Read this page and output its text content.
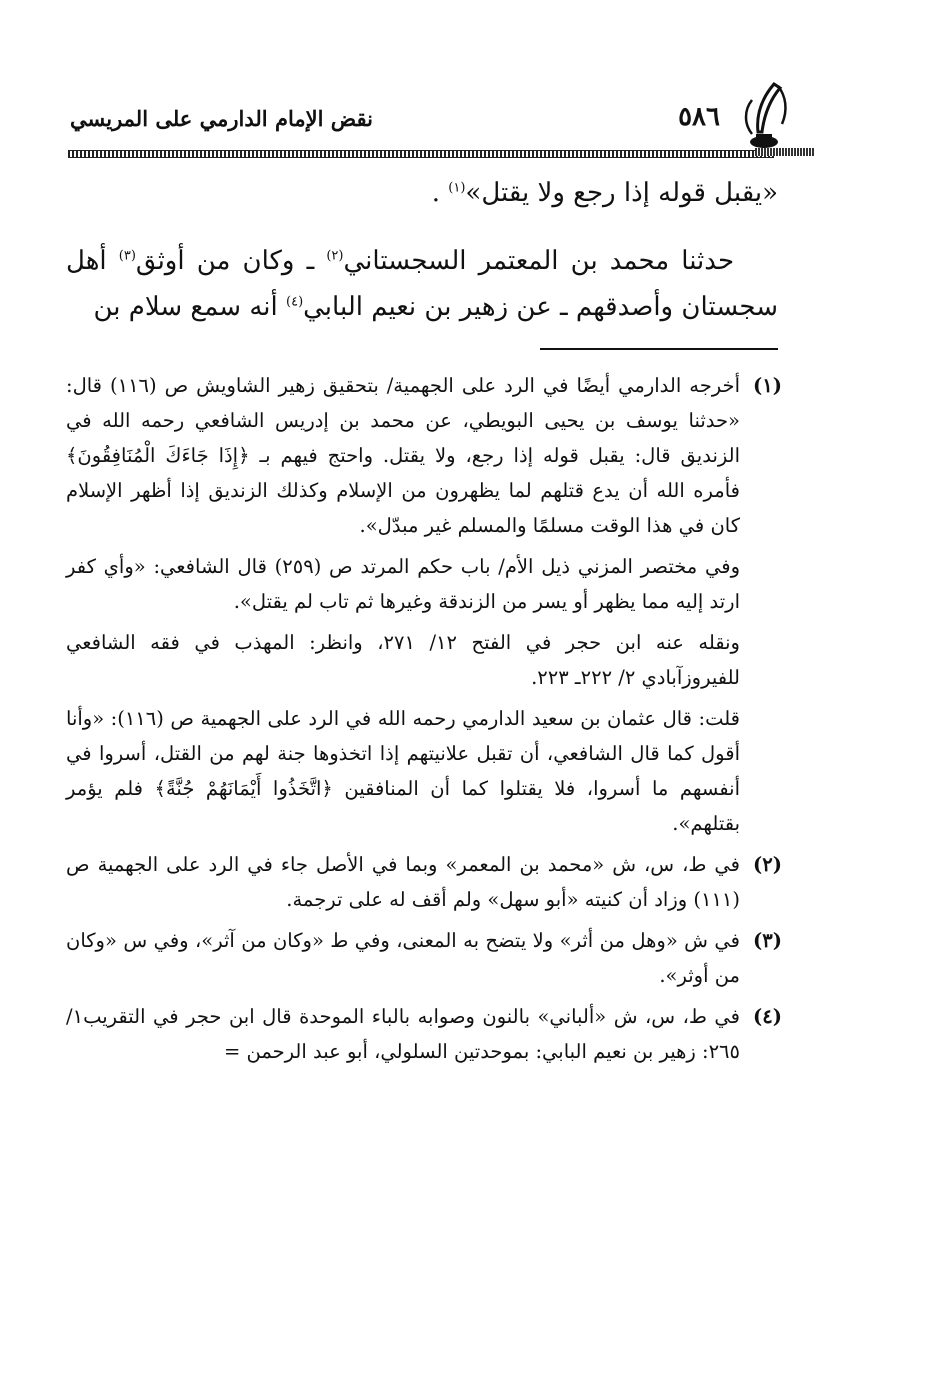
٥٨٦
نقض الإمام الدارمي على المريسي

«يقبل قوله إذا رجع ولا يقتل»$^{(١)}$ .

حدثنا محمد بن المعتمر السجستاني$^{(٢)}$ ـ وكان من أوثق$^{(٣)}$ أهل سجستان وأصدقهم ـ عن زهير بن نعيم البابي$^{(٤)}$ أنه سمع سلام بن

(١)

أخرجه الدارمي أيضًا في الرد على الجهمية/ بتحقيق زهير الشاويش ص (١١٦) قال: «حدثنا يوسف بن يحيى البويطي، عن محمد بن إدريس الشافعي رحمه الله في الزنديق قال: يقبل قوله إذا رجع، ولا يقتل. واحتج فيهم بـ ﴿إِذَا جَاءَكَ الْمُنَافِقُونَ﴾ فأمره الله أن يدع قتلهم لما يظهرون من الإسلام وكذلك الزنديق إذا أظهر الإسلام كان في هذا الوقت مسلمًا والمسلم غير مبدّل».

وفي مختصر المزني ذيل الأم/ باب حكم المرتد ص (٢٥٩) قال الشافعي: «وأي كفر ارتد إليه مما يظهر أو يسر من الزندقة وغيرها ثم تاب لم يقتل».

ونقله عنه ابن حجر في الفتح ١٢/ ٢٧١، وانظر: المهذب في فقه الشافعي للفيروزآبادي ٢/ ٢٢٢ـ ٢٢٣.

قلت: قال عثمان بن سعيد الدارمي رحمه الله في الرد على الجهمية ص (١١٦): «وأنا أقول كما قال الشافعي، أن تقبل علانيتهم إذا اتخذوها جنة لهم من القتل، أسروا في أنفسهم ما أسروا، فلا يقتلوا كما أن المنافقين ﴿اتَّخَذُوا أَيْمَانَهُمْ جُنَّةً﴾ فلم يؤمر بقتلهم».

(٢)

في ط، س، ش «محمد بن المعمر» وبما في الأصل جاء في الرد على الجهمية ص (١١١) وزاد أن كنيته «أبو سهل» ولم أقف له على ترجمة.

(٣)

في ش «وهل من أثر» ولا يتضح به المعنى، وفي ط «وكان من آثر»، وفي س «وكان من أوثر».

(٤)

في ط، س، ش «ألباني» بالنون وصوابه بالباء الموحدة قال ابن حجر في التقريب١/ ٢٦٥: زهير بن نعيم البابي: بموحدتين السلولي، أبو عبد الرحمن =
